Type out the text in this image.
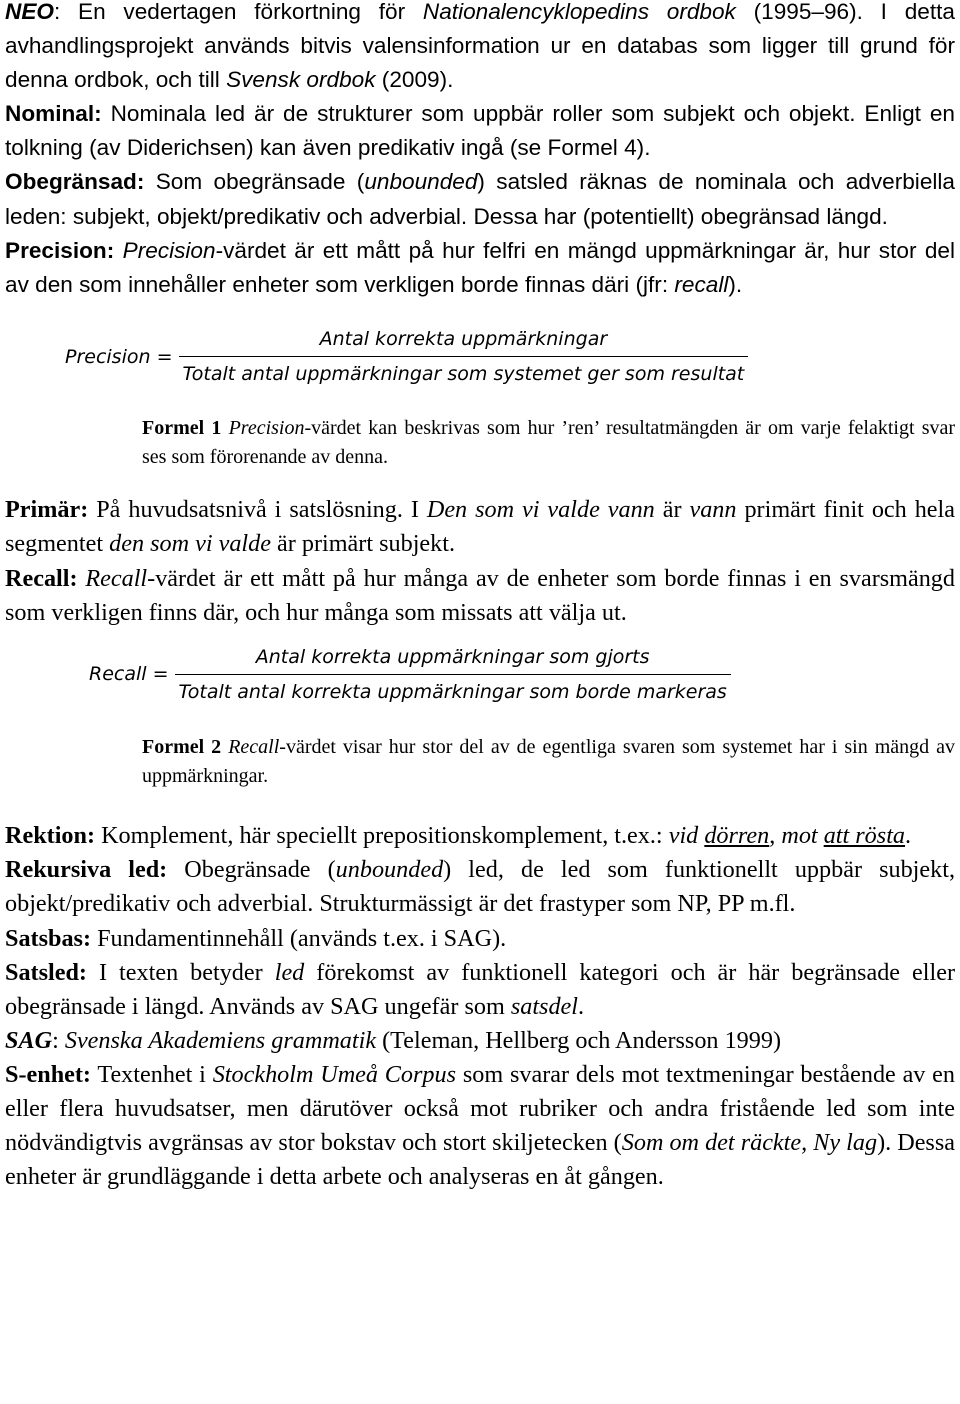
NEO: En vedertagen förkortning för Nationalencyklopedins ordbok (1995–96). I detta avhandlingsprojekt används bitvis valensinformation ur en databas som ligger till grund för denna ordbok, och till Svensk ordbok (2009).

Nominal: Nominala led är de strukturer som uppbär roller som subjekt och objekt. Enligt en tolkning (av Diderichsen) kan även predikativ ingå (se Formel 4).

Obegränsad: Som obegränsade (unbounded) satsled räknas de nominala och adverbiella leden: subjekt, objekt/predikativ och adverbial. Dessa har (potentiellt) obegränsad längd.

Precision: Precision-värdet är ett mått på hur felfri en mängd uppmärkningar är, hur stor del av den som innehåller enheter som verkligen borde finnas däri (jfr: recall).

Precision = $\frac{\text{Antal korrekta uppmärkningar}}{\text{Totalt antal uppmärkningar som systemet ger som resultat}}$

Formel 1 Precision-värdet kan beskrivas som hur ’ren’ resultatmängden är om varje felaktigt svar ses som förorenande av denna.

Primär: På huvudsatsnivå i satslösning. I Den som vi valde vann är vann primärt finit och hela segmentet den som vi valde är primärt subjekt.

Recall: Recall-värdet är ett mått på hur många av de enheter som borde finnas i en svarsmängd som verkligen finns där, och hur många som missats att välja ut.

Recall = $\frac{\text{Antal korrekta uppmärkningar som gjorts}}{\text{Totalt antal korrekta uppmärkningar som borde markeras}}$

Formel 2 Recall-värdet visar hur stor del av de egentliga svaren som systemet har i sin mängd av uppmärkningar.

Rektion: Komplement, här speciellt prepositionskomplement, t.ex.: vid dörren, mot att rösta.

Rekursiva led: Obegränsade (unbounded) led, de led som funktionellt uppbär subjekt, objekt/predikativ och adverbial. Strukturmässigt är det frastyper som NP, PP m.fl.

Satsbas: Fundamentinnehåll (används t.ex. i SAG).

Satsled: I texten betyder led förekomst av funktionell kategori och är här begränsade eller obegränsade i längd. Används av SAG ungefär som satsdel.

SAG: Svenska Akademiens grammatik (Teleman, Hellberg och Andersson 1999)

S-enhet: Textenhet i Stockholm Umeå Corpus som svarar dels mot textmeningar bestående av en eller flera huvudsatser, men därutöver också mot rubriker och andra fristående led som inte nödvändigtvis avgränsas av stor bokstav och stort skiljetecken (Som om det räckte, Ny lag). Dessa enheter är grundläggande i detta arbete och analyseras en åt gången.
